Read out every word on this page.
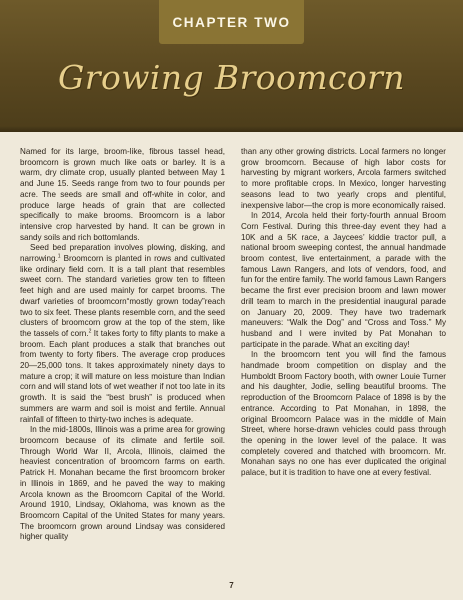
CHAPTER TWO
Growing Broomcorn

Named for its large, broom-like, fibrous tassel head, broomcorn is grown much like oats or barley. It is a warm, dry climate crop, usually planted between May 1 and June 15. Seeds range from two to four pounds per acre. The seeds are small and off-white in color, and produce large heads of grain that are collected specifically to make brooms. Broomcorn is a labor intensive crop harvested by hand. It can be grown in sandy soils and rich bottomlands.

Seed bed preparation involves plowing, disking, and narrowing.$^1$ Broomcorn is planted in rows and cultivated like ordinary field corn. It is a tall plant that resembles sweet corn. The standard varieties grow ten to fifteen feet high and are used mainly for carpet brooms. The dwarf varieties of broomcorn“mostly grown today”reach two to six feet. These plants resemble corn, and the seed clusters of broomcorn grow at the top of the stem, like the tassels of corn.$^2$ It takes forty to fifty plants to make a broom. Each plant produces a stalk that branches out from twenty to forty fibers. The average crop produces 20—25,000 tons. It takes approximately ninety days to mature a crop; it will mature on less moisture than Indian corn and will stand lots of wet weather if not too late in its growth. It is said the “best brush” is produced when summers are warm and soil is moist and fertile. Annual rainfall of fifteen to thirty-two inches is adequate.

In the mid-1800s, Illinois was a prime area for growing broomcorn because of its climate and fertile soil. Through World War II, Arcola, Illinois, claimed the heaviest concentration of broomcorn farms on earth. Patrick H. Monahan became the first broomcorn broker in Illinois in 1869, and he paved the way to making Arcola known as the Broomcorn Capital of the World. Around 1910, Lindsay, Oklahoma, was known as the Broomcorn Capital of the United States for many years. The broomcorn grown around Lindsay was considered higher quality

than any other growing districts. Local farmers no longer grow broomcorn. Because of high labor costs for harvesting by migrant workers, Arcola farmers switched to more profitable crops. In Mexico, longer harvesting seasons lead to two yearly crops and plentiful, inexpensive labor—the crop is more economically raised.

In 2014, Arcola held their forty-fourth annual Broom Corn Festival. During this three-day event they had a 10K and a 5K race, a Jaycees’ kiddie tractor pull, a national broom sweeping contest, the annual handmade broom contest, live entertainment, a parade with the famous Lawn Rangers, and lots of vendors, food, and fun for the entire family. The world famous Lawn Rangers became the first ever precision broom and lawn mower drill team to march in the presidential inaugural parade on January 20, 2009. They have two trademark maneuvers: “Walk the Dog” and “Cross and Toss.” My husband and I were invited by Pat Monahan to participate in the parade. What an exciting day!

In the broomcorn tent you will find the famous handmade broom competition on display and the Humboldt Broom Factory booth, with owner Louie Turner and his daughter, Jodie, selling beautiful brooms. The reproduction of the Broomcorn Palace of 1898 is by the entrance. According to Pat Monahan, in 1898, the original Broomcorn Palace was in the middle of Main Street, where horse-drawn vehicles could pass through the opening in the lower level of the palace. It was completely covered and thatched with broomcorn. Mr. Monahan says no one has ever duplicated the original palace, but it is tradition to have one at every festival.

7
